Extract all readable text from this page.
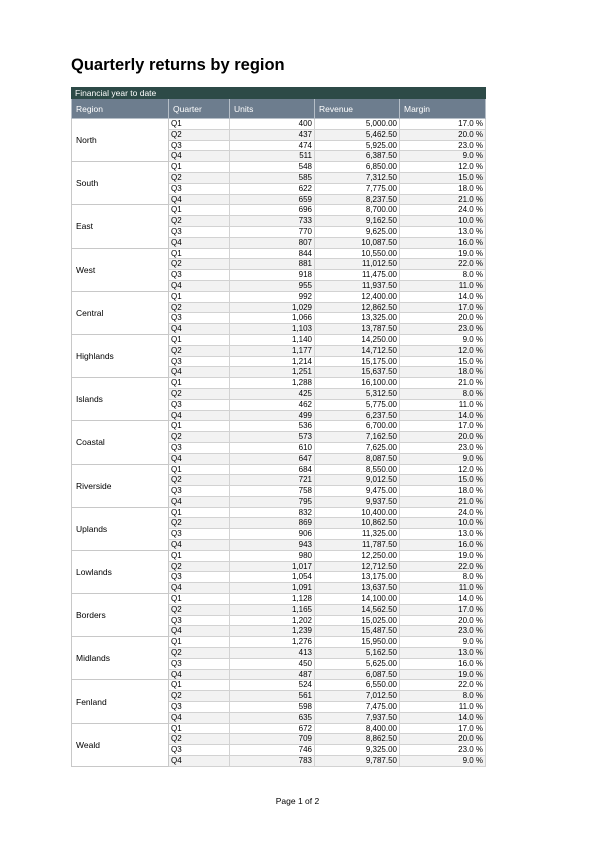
Quarterly returns by region
Financial year to date				
Region	Quarter	Units	Revenue	Margin
North	Q1	400	5,000.00	17.0 %
	Q2	437	5,462.50	20.0 %
	Q3	474	5,925.00	23.0 %
	Q4	511	6,387.50	9.0 %
South	Q1	548	6,850.00	12.0 %
	Q2	585	7,312.50	15.0 %
	Q3	622	7,775.00	18.0 %
	Q4	659	8,237.50	21.0 %
East	Q1	696	8,700.00	24.0 %
	Q2	733	9,162.50	10.0 %
	Q3	770	9,625.00	13.0 %
	Q4	807	10,087.50	16.0 %
West	Q1	844	10,550.00	19.0 %
	Q2	881	11,012.50	22.0 %
	Q3	918	11,475.00	8.0 %
	Q4	955	11,937.50	11.0 %
Central	Q1	992	12,400.00	14.0 %
	Q2	1,029	12,862.50	17.0 %
	Q3	1,066	13,325.00	20.0 %
	Q4	1,103	13,787.50	23.0 %
Highlands	Q1	1,140	14,250.00	9.0 %
	Q2	1,177	14,712.50	12.0 %
	Q3	1,214	15,175.00	15.0 %
	Q4	1,251	15,637.50	18.0 %
Islands	Q1	1,288	16,100.00	21.0 %
	Q2	425	5,312.50	8.0 %
	Q3	462	5,775.00	11.0 %
	Q4	499	6,237.50	14.0 %
Coastal	Q1	536	6,700.00	17.0 %
	Q2	573	7,162.50	20.0 %
	Q3	610	7,625.00	23.0 %
	Q4	647	8,087.50	9.0 %
Riverside	Q1	684	8,550.00	12.0 %
	Q2	721	9,012.50	15.0 %
	Q3	758	9,475.00	18.0 %
	Q4	795	9,937.50	21.0 %
Uplands	Q1	832	10,400.00	24.0 %
	Q2	869	10,862.50	10.0 %
	Q3	906	11,325.00	13.0 %
	Q4	943	11,787.50	16.0 %
Lowlands	Q1	980	12,250.00	19.0 %
	Q2	1,017	12,712.50	22.0 %
	Q3	1,054	13,175.00	8.0 %
	Q4	1,091	13,637.50	11.0 %
Borders	Q1	1,128	14,100.00	14.0 %
	Q2	1,165	14,562.50	17.0 %
	Q3	1,202	15,025.00	20.0 %
	Q4	1,239	15,487.50	23.0 %
Midlands	Q1	1,276	15,950.00	9.0 %
	Q2	413	5,162.50	13.0 %
	Q3	450	5,625.00	16.0 %
	Q4	487	6,087.50	19.0 %
Fenland	Q1	524	6,550.00	22.0 %
	Q2	561	7,012.50	8.0 %
	Q3	598	7,475.00	11.0 %
	Q4	635	7,937.50	14.0 %
Weald	Q1	672	8,400.00	17.0 %
	Q2	709	8,862.50	20.0 %
	Q3	746	9,325.00	23.0 %
	Q4	783	9,787.50	9.0 %
Page 1 of 2
